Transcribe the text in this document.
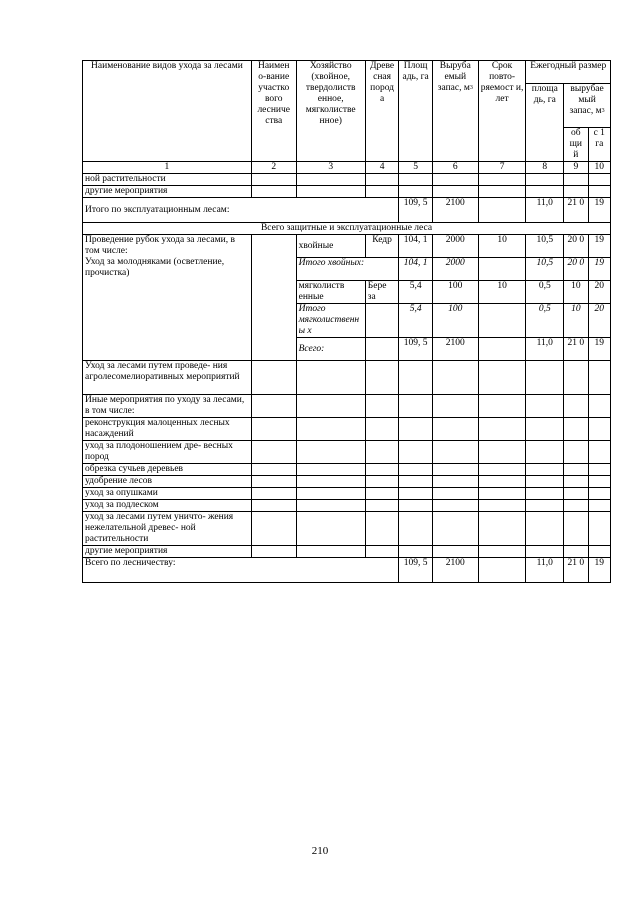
Наименование видов ухода за лесами	Наимен о-вание участко вого лесниче ства	Хозяйство (хвойное, твердолиств енное, мягколистве нное)	Древе сная пород а	Площ адь, га	Выруба емый запас, $м^3$	Срок повто- ряемост и, лет	Ежегодный размер		
							площа дь, га	вырубае мый запас, $м^3$
								об щи й	с 1 га
1	2	3	4	5	6	7	8	9	10
ной растительности									
другие мероприятия									
Итого по эксплуатационным лесам:				109, 5	2100		11,0	21 0	19
Всего защитные и эксплуатационные леса									

Проведение рубок ухода за лесами, в том числе:
Уход за молодняками (осветление, прочистка)		хвойные	Кедр	104, 1	2000	10	10,5	20 0	19
		Итого хвойных:		104, 1	2000		10,5	20 0	19
		мягколиств енные	Бере за	5,4	100	10	0,5	10	20
		Итого мягколиственны х		5,4	100		0,5	10	20
		Всего:		109, 5	2100		11,0	21 0	19
Уход за лесами путем проведе- ния агролесомелиоративных мероприятий									
Иные мероприятия по уходу за лесами, в том числе:									
реконструкция малоценных лесных насаждений									
уход за плодоношением дре- весных пород									
обрезка сучьев деревьев									
удобрение лесов									
уход за опушками									
уход за подлеском									
уход за лесами путем уничто- жения нежелательной древес- ной растительности									
другие мероприятия									
Всего по лесничеству:				109, 5	2100		11,0	21 0	19
210
